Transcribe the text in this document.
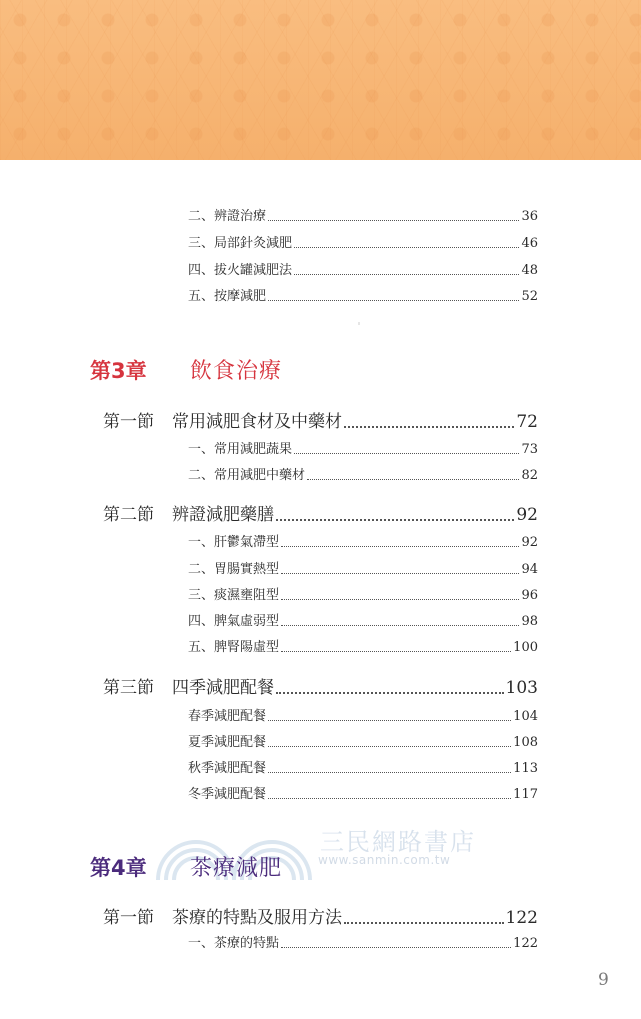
二、辨證治療	36
三、局部針灸減肥	46
四、拔火罐減肥法	48
五、按摩減肥	52
第3章	飲食治療
第一節 常用減肥食材及中藥材	72
一、常用減肥蔬果	73
二、常用減肥中藥材	82
第二節 辨證減肥藥膳	92
一、肝鬱氣滯型	92
二、胃腸實熱型	94
三、痰濕壅阻型	96
四、脾氣虛弱型	98
五、脾腎陽虛型	100
第三節 四季減肥配餐	103
春季減肥配餐	104
夏季減肥配餐	108
秋季減肥配餐	113
冬季減肥配餐	117
三民網路書店
www.sanmin.com.tw
第4章	茶療減肥
第一節 茶療的特點及服用方法	122
一、茶療的特點	122
9
